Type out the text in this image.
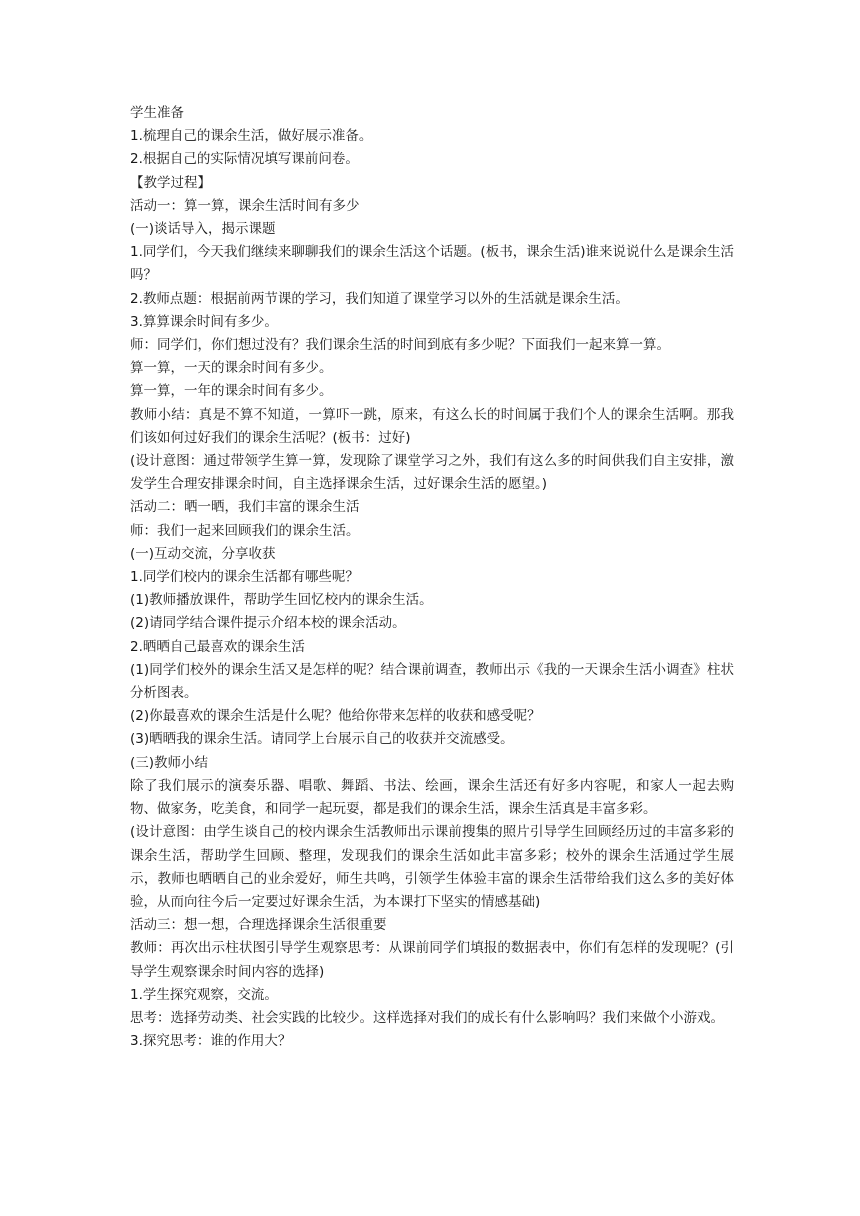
学生准备

1.梳理自己的课余生活，做好展示准备。

2.根据自己的实际情况填写课前问卷。

【教学过程】

活动一：算一算，课余生活时间有多少

(一)谈话导入，揭示课题

1.同学们，今天我们继续来聊聊我们的课余生活这个话题。(板书，课余生活)谁来说说什么是课余生活吗？

2.教师点题：根据前两节课的学习，我们知道了课堂学习以外的生活就是课余生活。

3.算算课余时间有多少。

师：同学们，你们想过没有？我们课余生活的时间到底有多少呢？下面我们一起来算一算。

算一算，一天的课余时间有多少。

算一算，一年的课余时间有多少。

教师小结：真是不算不知道，一算吓一跳，原来，有这么长的时间属于我们个人的课余生活啊。那我们该如何过好我们的课余生活呢？(板书：过好)

(设计意图：通过带领学生算一算，发现除了课堂学习之外，我们有这么多的时间供我们自主安排，激发学生合理安排课余时间，自主选择课余生活，过好课余生活的愿望。)

活动二：晒一晒，我们丰富的课余生活

师：我们一起来回顾我们的课余生活。

(一)互动交流，分享收获

1.同学们校内的课余生活都有哪些呢？

(1)教师播放课件，帮助学生回忆校内的课余生活。

(2)请同学结合课件提示介绍本校的课余活动。

2.晒晒自己最喜欢的课余生活

(1)同学们校外的课余生活又是怎样的呢？结合课前调查，教师出示《我的一天课余生活小调查》柱状分析图表。

(2)你最喜欢的课余生活是什么呢？他给你带来怎样的收获和感受呢？

(3)晒晒我的课余生活。请同学上台展示自己的收获并交流感受。

(三)教师小结

除了我们展示的演奏乐器、唱歌、舞蹈、书法、绘画，课余生活还有好多内容呢，和家人一起去购物、做家务，吃美食，和同学一起玩耍，都是我们的课余生活，课余生活真是丰富多彩。

(设计意图：由学生谈自己的校内课余生活教师出示课前搜集的照片引导学生回顾经历过的丰富多彩的课余生活，帮助学生回顾、整理，发现我们的课余生活如此丰富多彩；校外的课余生活通过学生展示，教师也晒晒自己的业余爱好，师生共鸣，引领学生体验丰富的课余生活带给我们这么多的美好体验，从而向往今后一定要过好课余生活，为本课打下坚实的情感基础)

活动三：想一想，合理选择课余生活很重要

教师：再次出示柱状图引导学生观察思考：从课前同学们填报的数据表中，你们有怎样的发现呢？(引导学生观察课余时间内容的选择)

1.学生探究观察，交流。

思考：选择劳动类、社会实践的比较少。这样选择对我们的成长有什么影响吗？我们来做个小游戏。

3.探究思考：谁的作用大？
